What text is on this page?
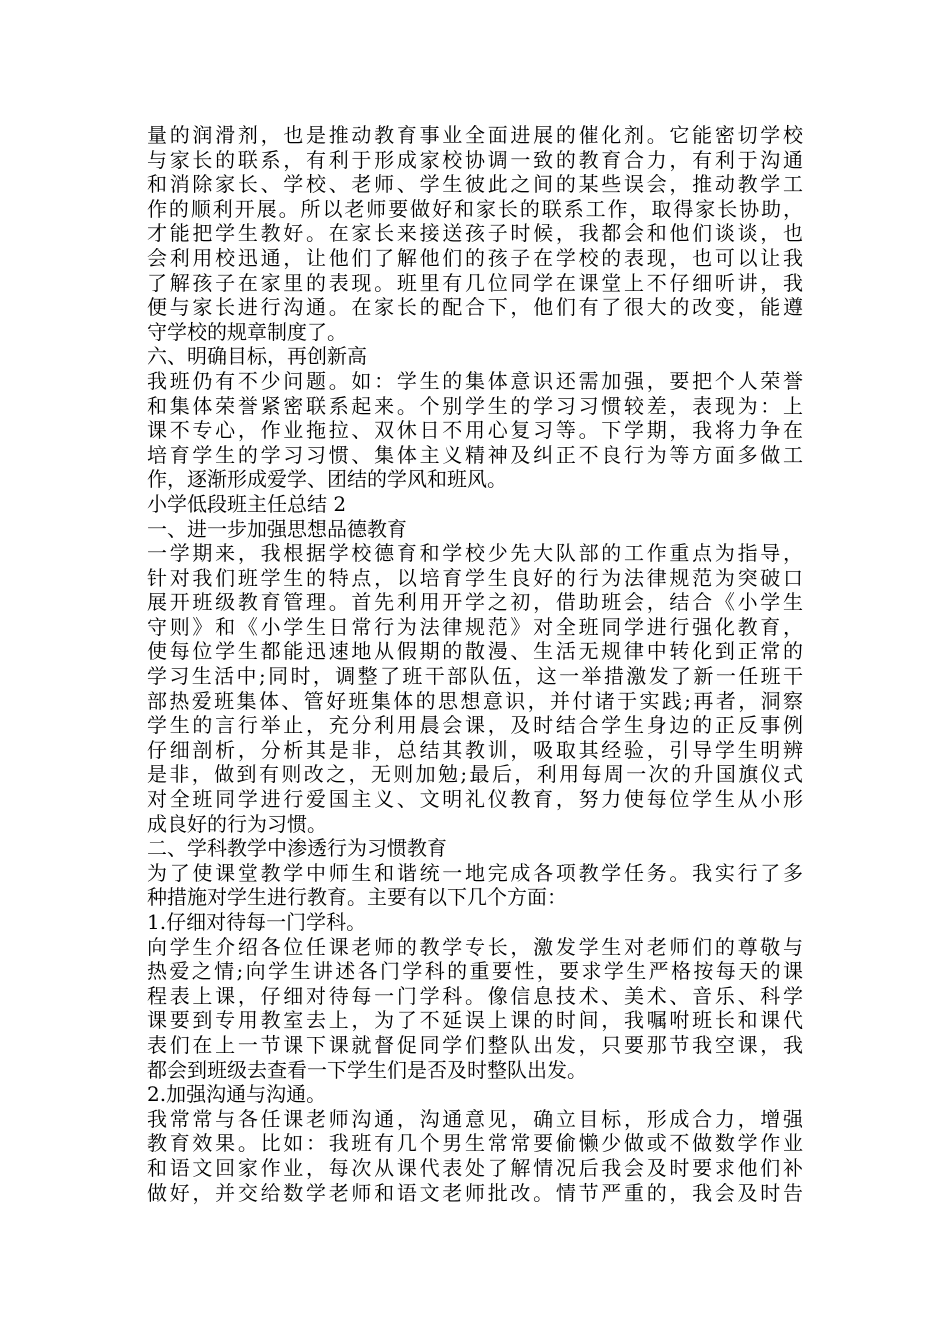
量的润滑剂，也是推动教育事业全面进展的催化剂。它能密切学校
与家长的联系，有利于形成家校协调一致的教育合力，有利于沟通
和消除家长、学校、老师、学生彼此之间的某些误会，推动教学工
作的顺利开展。所以老师要做好和家长的联系工作，取得家长协助，
才能把学生教好。在家长来接送孩子时候，我都会和他们谈谈，也
会利用校迅通，让他们了解他们的孩子在学校的表现，也可以让我
了解孩子在家里的表现。班里有几位同学在课堂上不仔细听讲，我
便与家长进行沟通。在家长的配合下，他们有了很大的改变，能遵
守学校的规章制度了。
六、明确目标，再创新高
我班仍有不少问题。如：学生的集体意识还需加强，要把个人荣誉
和集体荣誉紧密联系起来。个别学生的学习习惯较差，表现为：上
课不专心，作业拖拉、双休日不用心复习等。下学期，我将力争在
培育学生的学习习惯、集体主义精神及纠正不良行为等方面多做工
作，逐渐形成爱学、团结的学风和班风。
小学低段班主任总结 2
一、进一步加强思想品德教育
一学期来，我根据学校德育和学校少先大队部的工作重点为指导，
针对我们班学生的特点，以培育学生良好的行为法律规范为突破口
展开班级教育管理。首先利用开学之初，借助班会，结合《小学生
守则》和《小学生日常行为法律规范》对全班同学进行强化教育，
使每位学生都能迅速地从假期的散漫、生活无规律中转化到正常的
学习生活中;同时，调整了班干部队伍，这一举措激发了新一任班干
部热爱班集体、管好班集体的思想意识，并付诸于实践;再者，洞察
学生的言行举止，充分利用晨会课，及时结合学生身边的正反事例
仔细剖析，分析其是非，总结其教训，吸取其经验，引导学生明辨
是非，做到有则改之，无则加勉;最后，利用每周一次的升国旗仪式
对全班同学进行爱国主义、文明礼仪教育，努力使每位学生从小形
成良好的行为习惯。
二、学科教学中渗透行为习惯教育
为了使课堂教学中师生和谐统一地完成各项教学任务。我实行了多
种措施对学生进行教育。主要有以下几个方面：
1.仔细对待每一门学科。
向学生介绍各位任课老师的教学专长，激发学生对老师们的尊敬与
热爱之情;向学生讲述各门学科的重要性，要求学生严格按每天的课
程表上课，仔细对待每一门学科。像信息技术、美术、音乐、科学
课要到专用教室去上，为了不延误上课的时间，我嘱咐班长和课代
表们在上一节课下课就督促同学们整队出发，只要那节我空课，我
都会到班级去查看一下学生们是否及时整队出发。
2.加强沟通与沟通。
我常常与各任课老师沟通，沟通意见，确立目标，形成合力，增强
教育效果。比如：我班有几个男生常常要偷懒少做或不做数学作业
和语文回家作业，每次从课代表处了解情况后我会及时要求他们补
做好，并交给数学老师和语文老师批改。情节严重的，我会及时告
